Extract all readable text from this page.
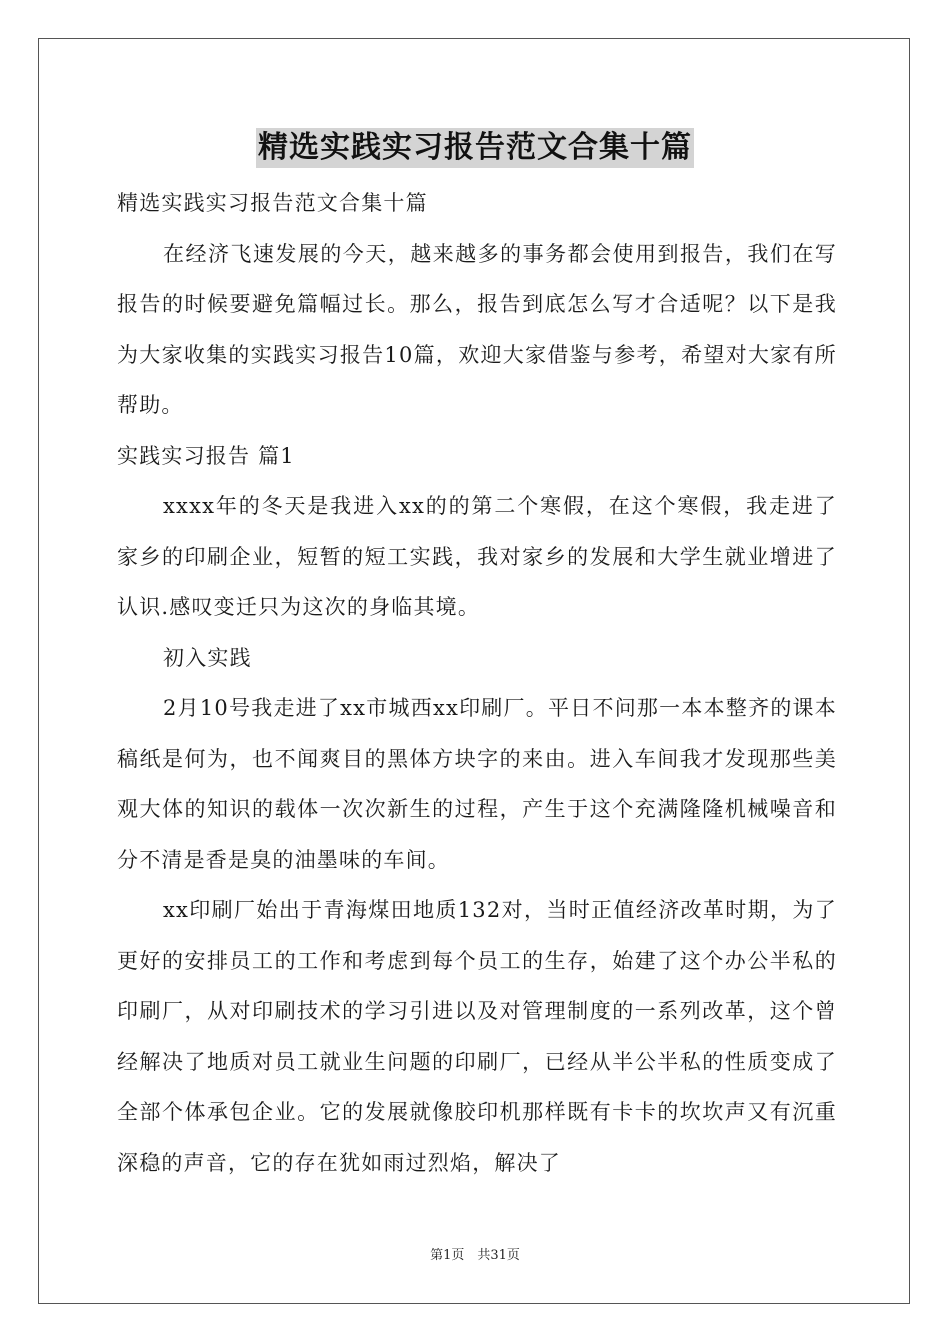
精选实践实习报告范文合集十篇
精选实践实习报告范文合集十篇

在经济飞速发展的今天，越来越多的事务都会使用到报告，我们在写报告的时候要避免篇幅过长。那么，报告到底怎么写才合适呢？以下是我为大家收集的实践实习报告10篇，欢迎大家借鉴与参考，希望对大家有所帮助。

实践实习报告 篇1

xxxx年的冬天是我进入xx的的第二个寒假，在这个寒假，我走进了家乡的印刷企业，短暂的短工实践，我对家乡的发展和大学生就业增进了认识.感叹变迁只为这次的身临其境。

初入实践

2月10号我走进了xx市城西xx印刷厂。平日不问那一本本整齐的课本稿纸是何为，也不闻爽目的黑体方块字的来由。进入车间我才发现那些美观大体的知识的载体一次次新生的过程，产生于这个充满隆隆机械噪音和分不清是香是臭的油墨味的车间。

xx印刷厂始出于青海煤田地质132对，当时正值经济改革时期，为了更好的安排员工的工作和考虑到每个员工的生存，始建了这个办公半私的印刷厂，从对印刷技术的学习引进以及对管理制度的一系列改革，这个曾经解决了地质对员工就业生问题的印刷厂，已经从半公半私的性质变成了全部个体承包企业。它的发展就像胶印机那样既有卡卡的坎坎声又有沉重深稳的声音，它的存在犹如雨过烈焰，解决了

第1页　共31页
